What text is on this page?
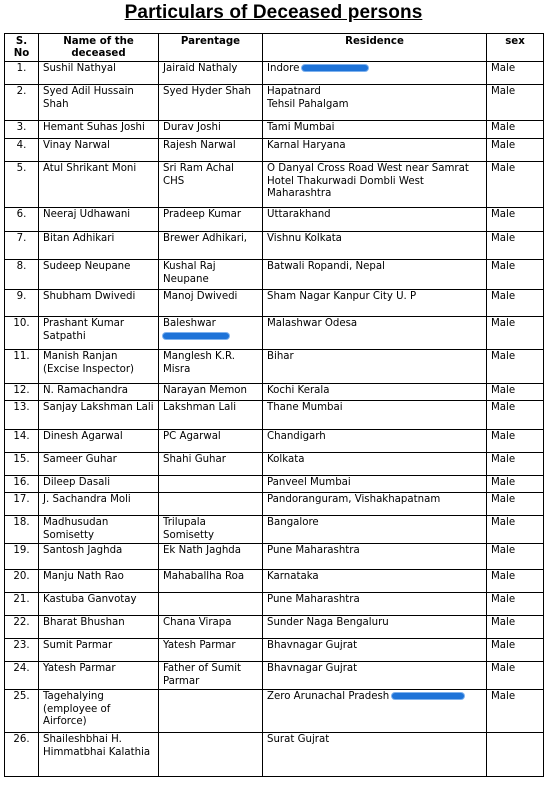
Particulars of Deceased persons
S. No	Name of the deceased	Parentage	Residence	sex
1.	Sushil Nathyal	Jairaid Nathaly	Indore	Male
2.	Syed Adil Hussain Shah	Syed Hyder Shah	Hapatnard
Tehsil Pahalgam	Male
3.	Hemant Suhas Joshi	Durav Joshi	Tami Mumbai	Male
4.	Vinay Narwal	Rajesh Narwal	Karnal Haryana	Male
5.	Atul Shrikant Moni	Sri Ram Achal CHS	O Danyal Cross Road West near Samrat Hotel Thakurwadi Dombli West Maharashtra	Male
6.	Neeraj Udhawani	Pradeep Kumar	Uttarakhand	Male
7.	Bitan Adhikari	Brewer Adhikari,	Vishnu Kolkata	Male
8.	Sudeep Neupane	Kushal Raj Neupane	Batwali Ropandi, Nepal	Male
9.	Shubham Dwivedi	Manoj Dwivedi	Sham Nagar Kanpur City U. P	Male
10.	Prashant Kumar Satpathi	Baleshwar	Malashwar Odesa	Male
11.	Manish Ranjan (Excise Inspector)	Manglesh K.R. Misra	Bihar	Male
12.	N. Ramachandra	Narayan Memon	Kochi Kerala	Male
13.	Sanjay Lakshman Lali	Lakshman Lali	Thane Mumbai	Male
14.	Dinesh Agarwal	PC Agarwal	Chandigarh	Male
15.	Sameer Guhar	Shahi Guhar	Kolkata	Male
16.	Dileep Dasali		Panveel Mumbai	Male
17.	J. Sachandra Moli		Pandoranguram, Vishakhapatnam	Male
18.	Madhusudan Somisetty	Trilupala Somisetty	Bangalore	Male
19.	Santosh Jaghda	Ek Nath Jaghda	Pune Maharashtra	Male
20.	Manju Nath Rao	Mahaballha Roa	Karnataka	Male
21.	Kastuba Ganvotay		Pune Maharashtra	Male
22.	Bharat Bhushan	Chana Virapa	Sunder Naga Bengaluru	Male
23.	Sumit Parmar	Yatesh Parmar	Bhavnagar Gujrat	Male
24.	Yatesh Parmar	Father of Sumit Parmar	Bhavnagar Gujrat	Male
25.	Tagehalying (employee of Airforce)		Zero Arunachal Pradesh	Male
26.	Shaileshbhai H. Himmatbhai Kalathia		Surat Gujrat	
